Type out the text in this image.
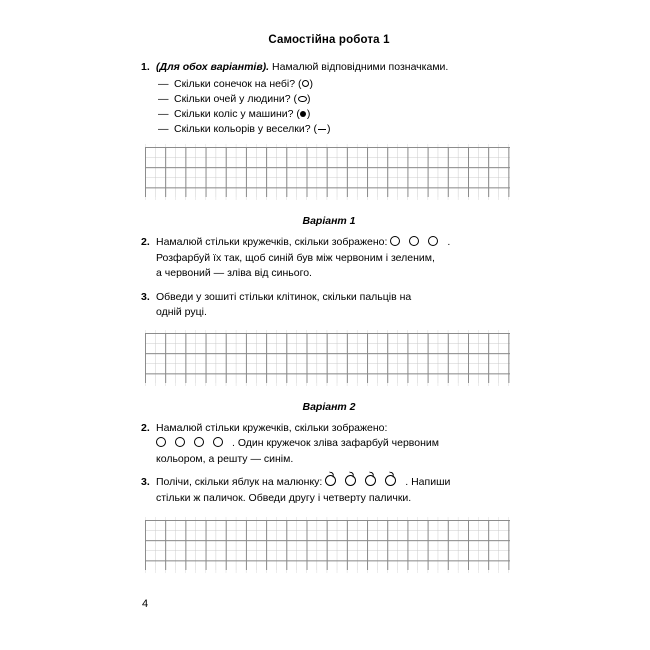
Самостійна робота 1
1. (Для обох варіантів). Намалюй відповідними позначками.
— Скільки сонечок на небі? ( )
— Скільки очей у людини? ( )
— Скільки коліс у машини? ( )
— Скільки кольорів у веселки? ( )
Варіант 1
2. Намалюй стільки кружечків, скільки зображено:	.
Розфарбуй їх так, щоб синій був між червоним і зеленим,
а червоний — зліва від синього.
3. Обведи у зошиті стільки клітинок, скільки пальців на
одній руці.
Варіант 2
2. Намалюй стільки кружечків, скільки зображено:
. Один кружечок зліва зафарбуй червоним
кольором, а решту — синім.
3. Полічи, скільки яблук на малюнку:	. Напиши
стільки ж паличок. Обведи другу і четверту палички.
4
